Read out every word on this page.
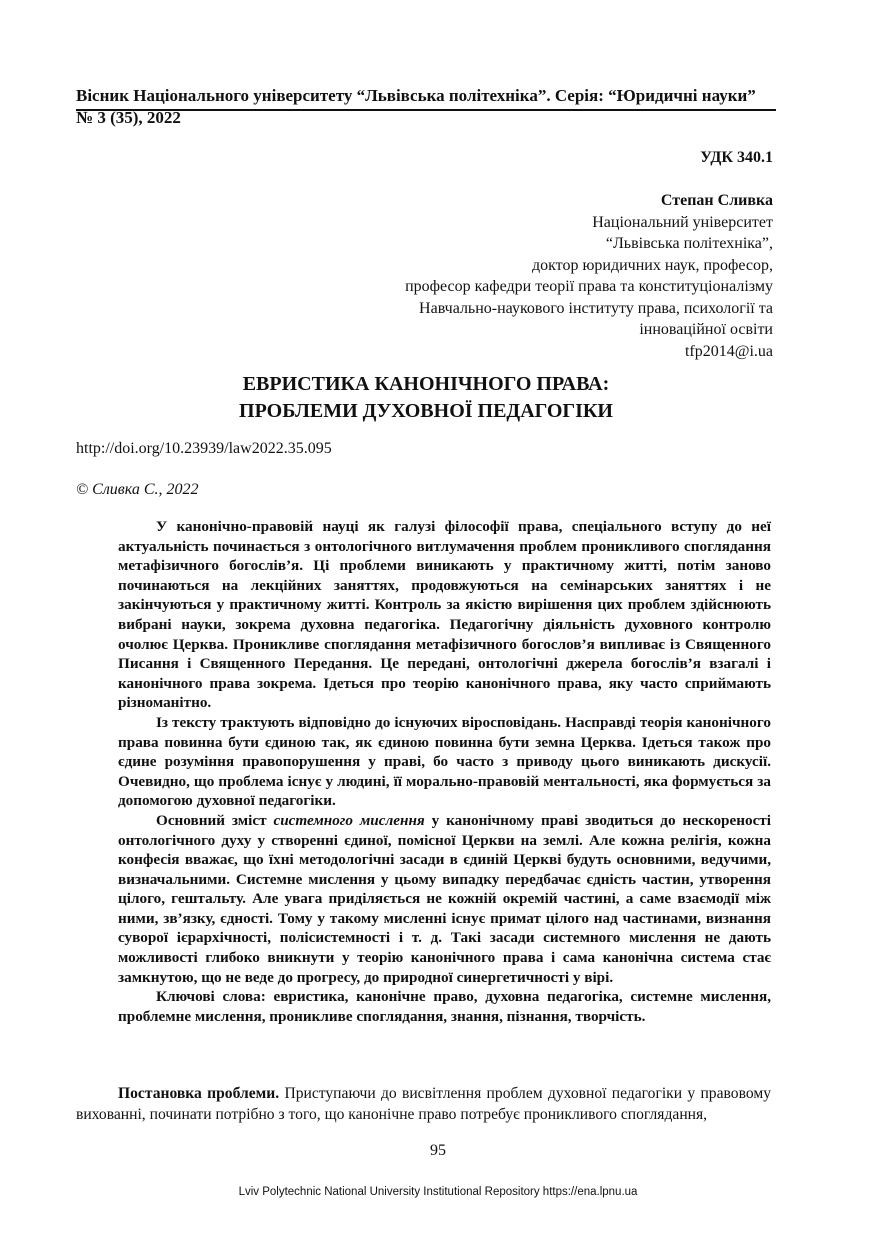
Вісник Національного університету “Львівська політехніка”. Серія: “Юридичні науки”
№ 3 (35), 2022
УДК 340.1
Степан Сливка
Національний університет
“Львівська політехніка”,
доктор юридичних наук, професор,
професор кафедри теорії права та конституціоналізму
Навчально-наукового інституту права, психології та
інноваційної освіти
tfp2014@i.ua
ЕВРИСТИКА КАНОНІЧНОГО ПРАВА:
ПРОБЛЕМИ ДУХОВНОЇ ПЕДАГОГІКИ
http://doi.org/10.23939/law2022.35.095
© Сливка С., 2022

У канонічно-правовій науці як галузі філософії права, спеціального вступу до неї актуальність починається з онтологічного витлумачення проблем проникливого споглядання метафізичного богослів’я. Ці проблеми виникають у практичному житті, потім заново починаються на лекційних заняттях, продовжуються на семінарських заняттях і не закінчуються у практичному житті. Контроль за якістю вирішення цих проблем здійснюють вибрані науки, зокрема духовна педагогіка. Педагогічну діяльність духовного контролю очолює Церква. Проникливе споглядання метафізичного богослов’я випливає із Священного Писання і Священного Передання. Це передані, онтологічні джерела богослів’я взагалі і канонічного права зокрема. Ідеться про теорію канонічного права, яку часто сприймають різноманітно.

Із тексту трактують відповідно до існуючих віросповідань. Насправді теорія канонічного права повинна бути єдиною так, як єдиною повинна бути земна Церква. Ідеться також про єдине розуміння правопорушення у праві, бо часто з приводу цього виникають дискусії. Очевидно, що проблема існує у людині, її морально-правовій ментальності, яка формується за допомогою духовної педагогіки.

Основний зміст системного мислення у канонічному праві зводиться до нескореності онтологічного духу у створенні єдиної, помісної Церкви на землі. Але кожна релігія, кожна конфесія вважає, що їхні методологічні засади в єдиній Церкві будуть основними, ведучими, визначальними. Системне мислення у цьому випадку передбачає єдність частин, утворення цілого, гештальту. Але увага приділяється не кожній окремій частині, а саме взаємодії між ними, зв’язку, єдності. Тому у такому мисленні існує примат цілого над частинами, визнання суворої ієрархічності, полісистемності і т. д. Такі засади системного мислення не дають можливості глибоко вникнути у теорію канонічного права і сама канонічна система стає замкнутою, що не веде до прогресу, до природної синергетичності у вірі.

Ключові слова: евристика, канонічне право, духовна педагогіка, системне мислення, проблемне мислення, проникливе споглядання, знання, пізнання, творчість.

Постановка проблеми. Приступаючи до висвітлення проблем духовної педагогіки у правовому вихованні, починати потрібно з того, що канонічне право потребує проникливого споглядання,

95
Lviv Polytechnic National University Institutional Repository https://ena.lpnu.ua
